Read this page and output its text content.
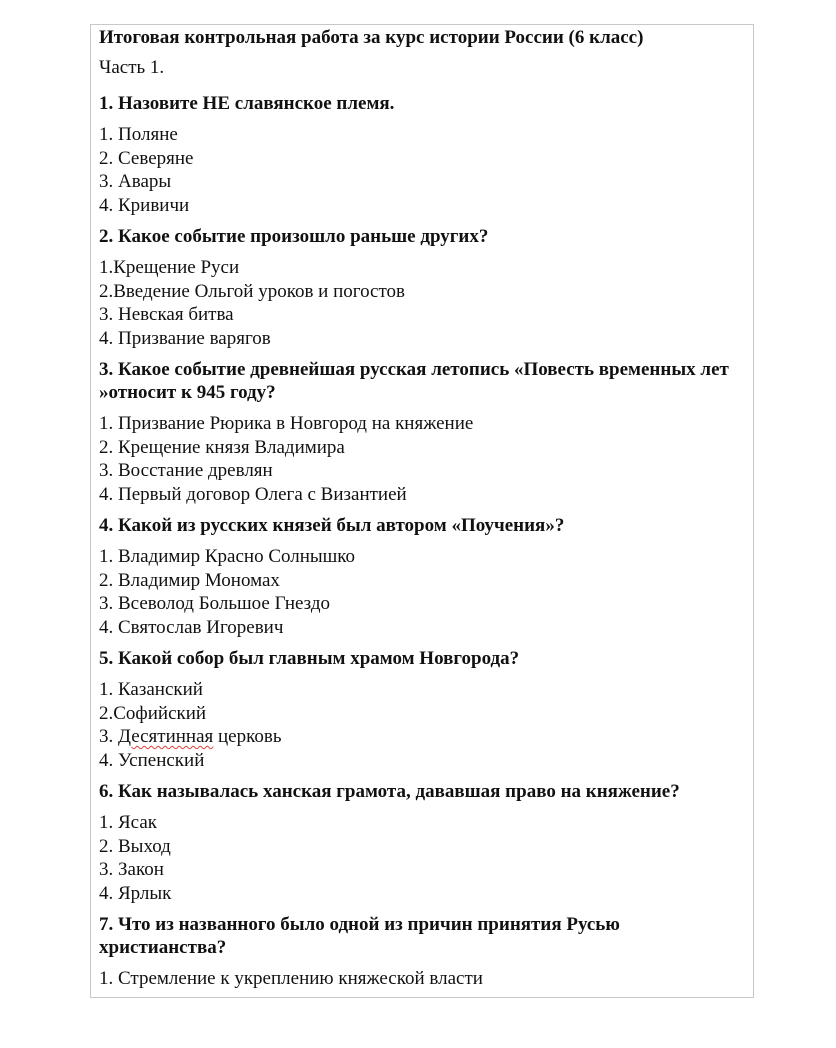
Итоговая контрольная работа за курс истории России (6 класс)

Часть 1.

1. Назовите НЕ славянское племя.

1. Поляне

2. Северяне

3. Авары

4. Кривичи

2. Какое событие произошло раньше других?

1.Крещение Руси

2.Введение Ольгой уроков и погостов

3. Невская битва

4. Призвание варягов

3. Какое событие древнейшая русская летопись «Повесть временных лет »относит к 945 году?

1. Призвание Рюрика в Новгород на княжение

2. Крещение князя Владимира

3. Восстание древлян

4. Первый договор Олега с Византией

4. Какой из русских князей был автором «Поучения»?

1. Владимир Красно Солнышко

2. Владимир Мономах

3. Всеволод Большое Гнездо

4. Святослав Игоревич

5. Какой собор был главным храмом Новгорода?

1. Казанский

2.Софийский

3. Десятинная церковь

4. Успенский

6. Как называлась ханская грамота, дававшая право на княжение?

1. Ясак

2. Выход

3. Закон

4. Ярлык

7. Что из названного было одной из причин принятия Русью христианства?

1. Стремление к укреплению княжеской власти
